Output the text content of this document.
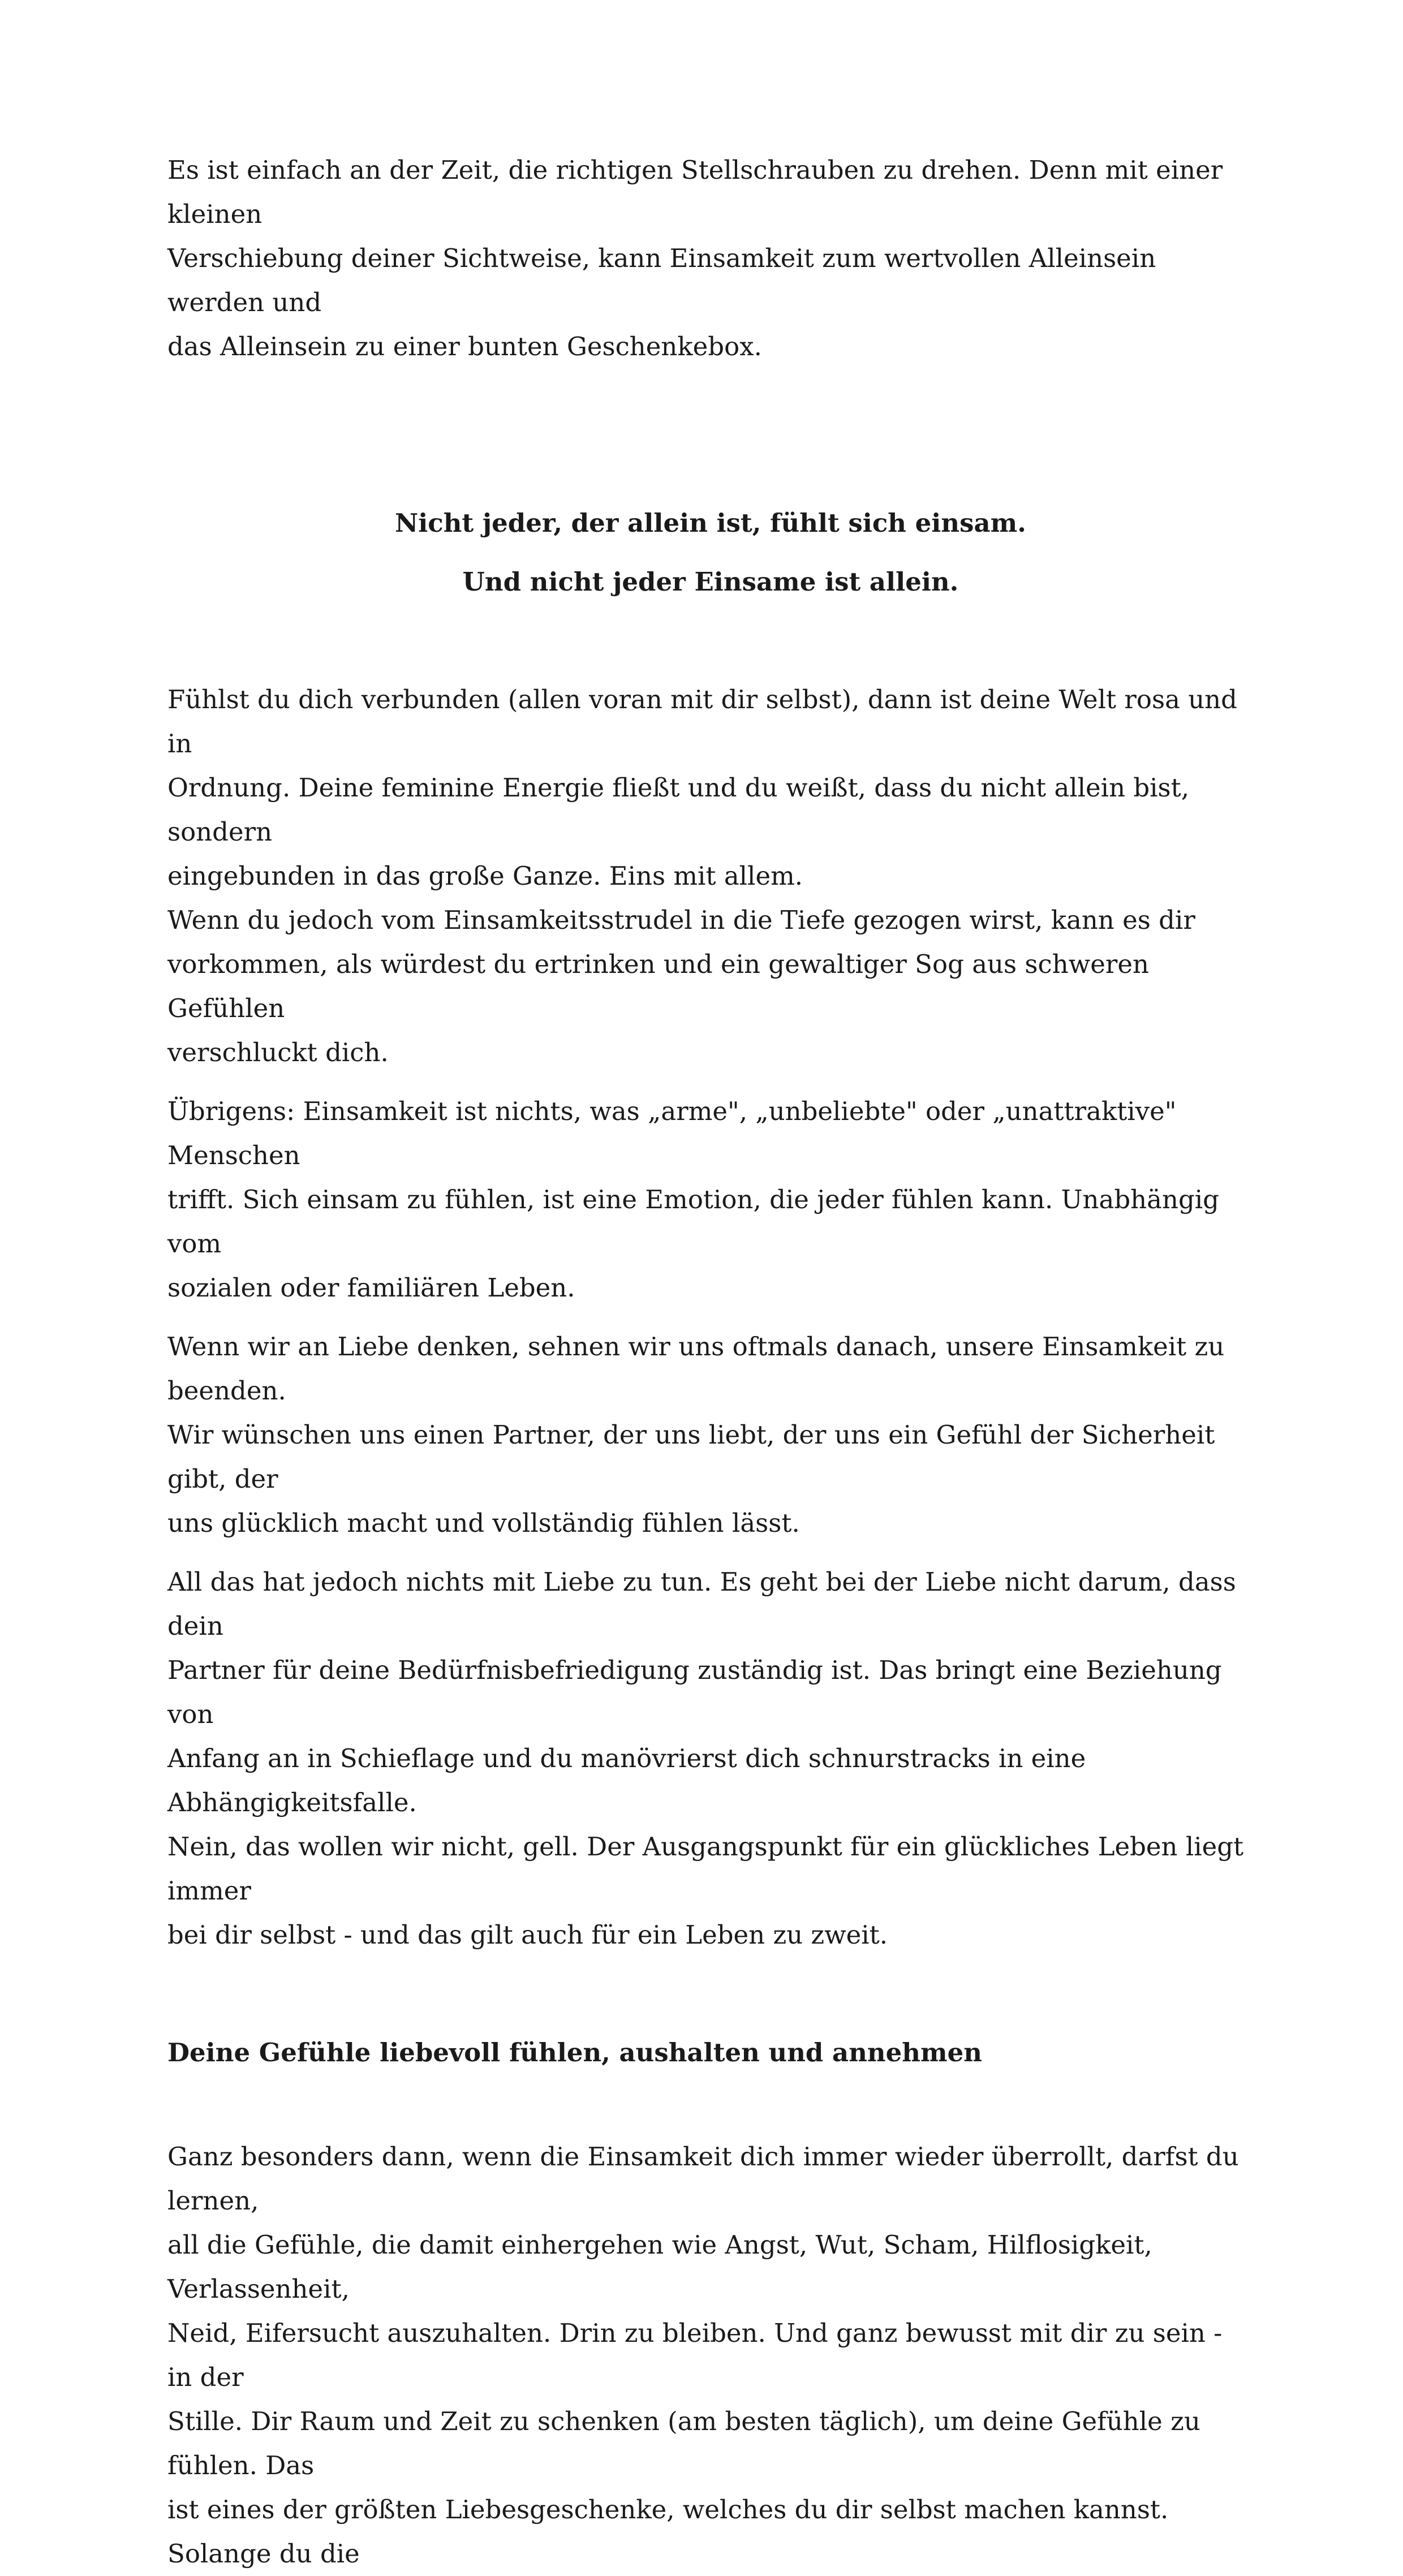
Es ist einfach an der Zeit, die richtigen Stellschrauben zu drehen. Denn mit einer kleinen
Verschiebung deiner Sichtweise, kann Einsamkeit zum wertvollen Alleinsein werden und
das Alleinsein zu einer bunten Geschenkebox.

Nicht jeder, der allein ist, fühlt sich einsam.

Und nicht jeder Einsame ist allein.

Fühlst du dich verbunden (allen voran mit dir selbst), dann ist deine Welt rosa und in
Ordnung. Deine feminine Energie fließt und du weißt, dass du nicht allein bist, sondern
eingebunden in das große Ganze. Eins mit allem.
Wenn du jedoch vom Einsamkeitsstrudel in die Tiefe gezogen wirst, kann es dir
vorkommen, als würdest du ertrinken und ein gewaltiger Sog aus schweren Gefühlen
verschluckt dich.

Übrigens: Einsamkeit ist nichts, was „arme", „unbeliebte" oder „unattraktive" Menschen
trifft. Sich einsam zu fühlen, ist eine Emotion, die jeder fühlen kann. Unabhängig vom
sozialen oder familiären Leben.

Wenn wir an Liebe denken, sehnen wir uns oftmals danach, unsere Einsamkeit zu beenden.
Wir wünschen uns einen Partner, der uns liebt, der uns ein Gefühl der Sicherheit gibt, der
uns glücklich macht und vollständig fühlen lässt.

All das hat jedoch nichts mit Liebe zu tun. Es geht bei der Liebe nicht darum, dass dein
Partner für deine Bedürfnisbefriedigung zuständig ist. Das bringt eine Beziehung von
Anfang an in Schieflage und du manövrierst dich schnurstracks in eine Abhängigkeitsfalle.
Nein, das wollen wir nicht, gell. Der Ausgangspunkt für ein glückliches Leben liegt immer
bei dir selbst - und das gilt auch für ein Leben zu zweit.

Deine Gefühle liebevoll fühlen, aushalten und annehmen

Ganz besonders dann, wenn die Einsamkeit dich immer wieder überrollt, darfst du lernen,
all die Gefühle, die damit einhergehen wie Angst, Wut, Scham, Hilflosigkeit, Verlassenheit,
Neid, Eifersucht auszuhalten. Drin zu bleiben. Und ganz bewusst mit dir zu sein - in der
Stille. Dir Raum und Zeit zu schenken (am besten täglich), um deine Gefühle zu fühlen. Das
ist eines der größten Liebesgeschenke, welches du dir selbst machen kannst. Solange du die
